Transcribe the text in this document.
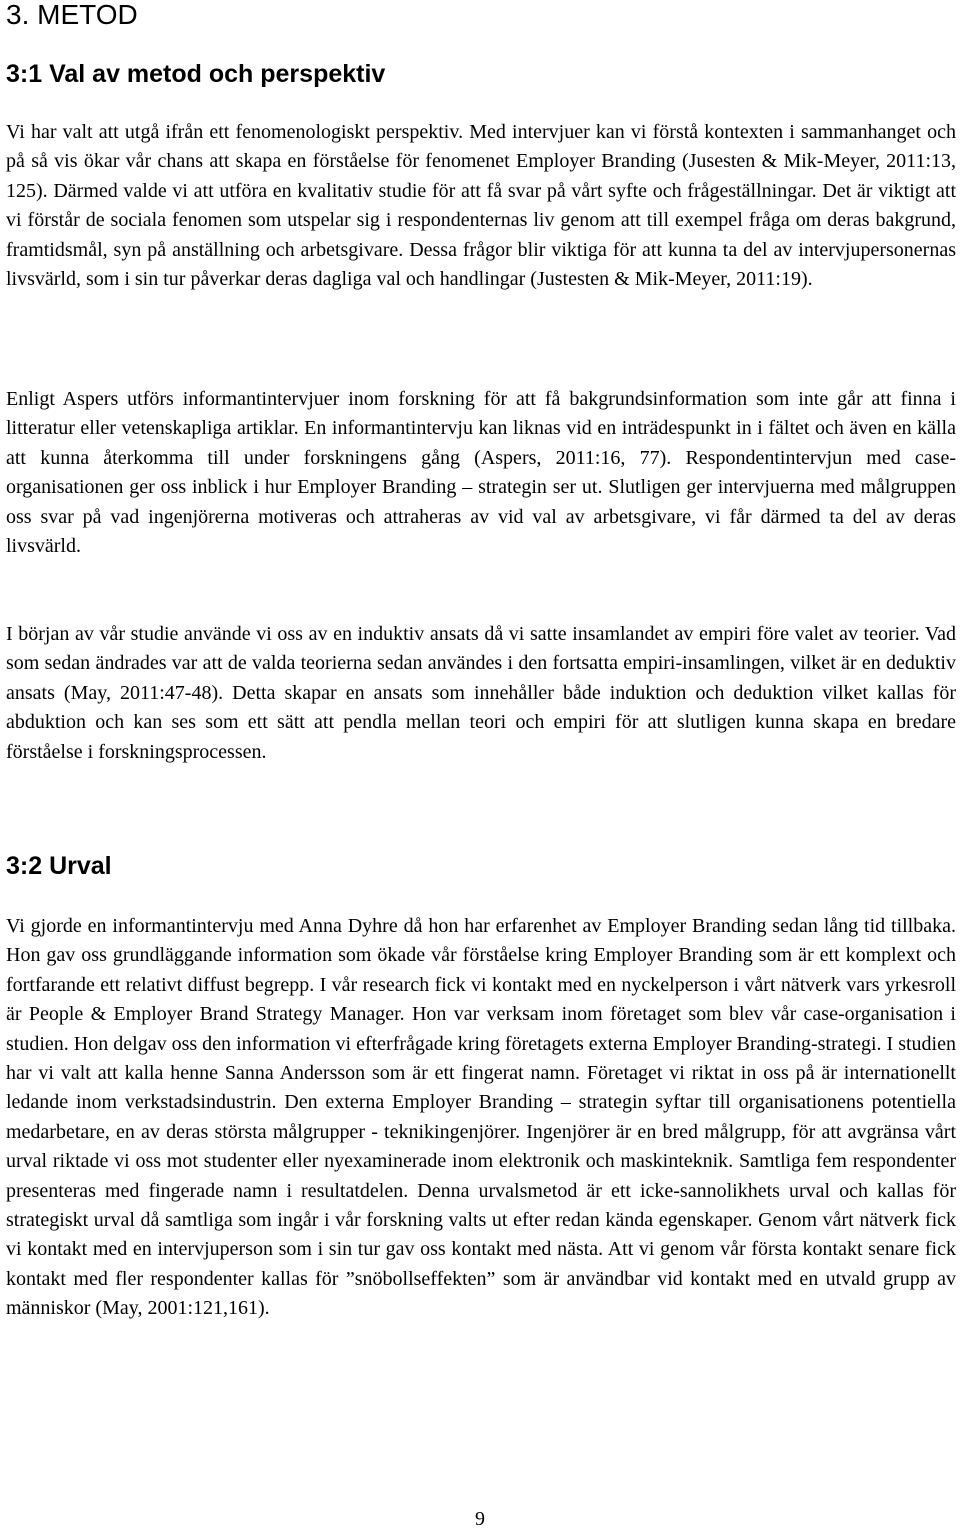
3. METOD
3:1 Val av metod och perspektiv

Vi har valt att utgå ifrån ett fenomenologiskt perspektiv. Med intervjuer kan vi förstå kontexten i sammanhanget och på så vis ökar vår chans att skapa en förståelse för fenomenet Employer Branding (Jusesten & Mik-Meyer, 2011:13, 125). Därmed valde vi att utföra en kvalitativ studie för att få svar på vårt syfte och frågeställningar. Det är viktigt att vi förstår de sociala fenomen som utspelar sig i respondenternas liv genom att till exempel fråga om deras bakgrund, framtidsmål, syn på anställning och arbetsgivare. Dessa frågor blir viktiga för att kunna ta del av intervjupersonernas livsvärld, som i sin tur påverkar deras dagliga val och handlingar (Justesten & Mik-Meyer, 2011:19).

Enligt Aspers utförs informantintervjuer inom forskning för att få bakgrundsinformation som inte går att finna i litteratur eller vetenskapliga artiklar. En informantintervju kan liknas vid en inträdespunkt in i fältet och även en källa att kunna återkomma till under forskningens gång (Aspers, 2011:16, 77). Respondentintervjun med case-organisationen ger oss inblick i hur Employer Branding – strategin ser ut. Slutligen ger intervjuerna med målgruppen oss svar på vad ingenjörerna motiveras och attraheras av vid val av arbetsgivare, vi får därmed ta del av deras livsvärld.

I början av vår studie använde vi oss av en induktiv ansats då vi satte insamlandet av empiri före valet av teorier. Vad som sedan ändrades var att de valda teorierna sedan användes i den fortsatta empiri-insamlingen, vilket är en deduktiv ansats (May, 2011:47-48). Detta skapar en ansats som innehåller både induktion och deduktion vilket kallas för abduktion och kan ses som ett sätt att pendla mellan teori och empiri för att slutligen kunna skapa en bredare förståelse i forskningsprocessen.

3:2 Urval

Vi gjorde en informantintervju med Anna Dyhre då hon har erfarenhet av Employer Branding sedan lång tid tillbaka. Hon gav oss grundläggande information som ökade vår förståelse kring Employer Branding som är ett komplext och fortfarande ett relativt diffust begrepp. I vår research fick vi kontakt med en nyckelperson i vårt nätverk vars yrkesroll är People & Employer Brand Strategy Manager. Hon var verksam inom företaget som blev vår case-organisation i studien. Hon delgav oss den information vi efterfrågade kring företagets externa Employer Branding-strategi. I studien har vi valt att kalla henne Sanna Andersson som är ett fingerat namn. Företaget vi riktat in oss på är internationellt ledande inom verkstadsindustrin. Den externa Employer Branding – strategin syftar till organisationens potentiella medarbetare, en av deras största målgrupper - teknikingenjörer. Ingenjörer är en bred målgrupp, för att avgränsa vårt urval riktade vi oss mot studenter eller nyexaminerade inom elektronik och maskinteknik. Samtliga fem respondenter presenteras med fingerade namn i resultatdelen. Denna urvalsmetod är ett icke-sannolikhets urval och kallas för strategiskt urval då samtliga som ingår i vår forskning valts ut efter redan kända egenskaper. Genom vårt nätverk fick vi kontakt med en intervjuperson som i sin tur gav oss kontakt med nästa. Att vi genom vår första kontakt senare fick kontakt med fler respondenter kallas för ”snöbollseffekten” som är användbar vid kontakt med en utvald grupp av människor (May, 2001:121,161).

9
